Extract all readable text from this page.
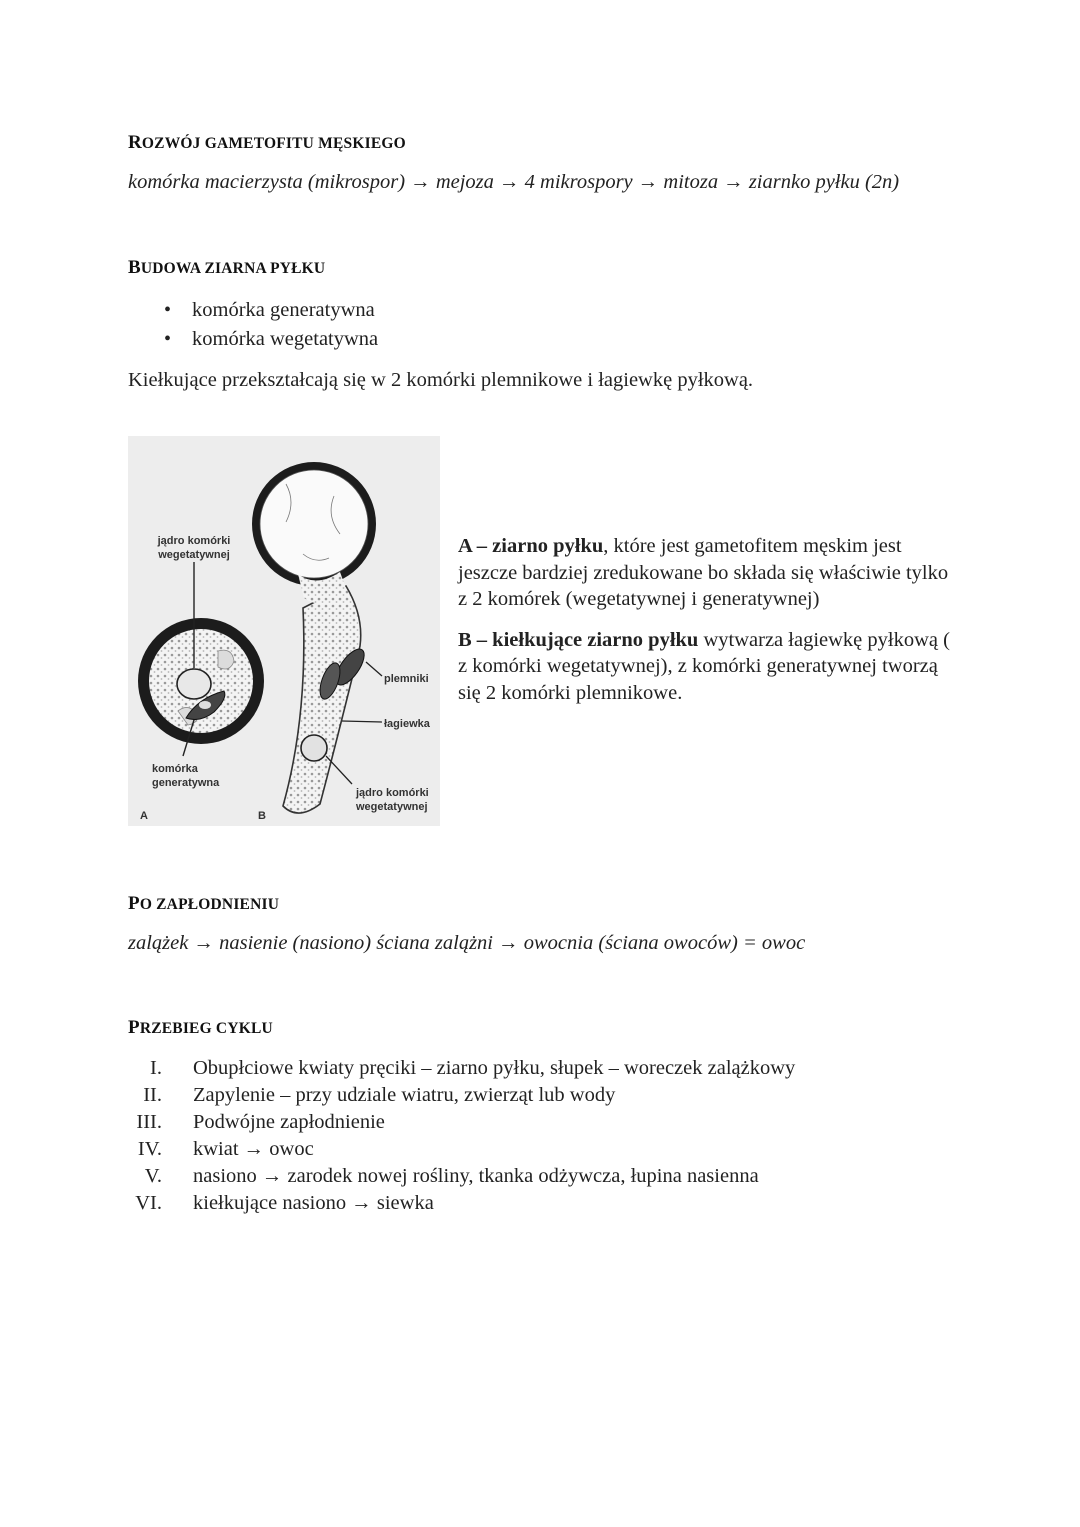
ROZWÓJ GAMETOFITU MĘSKIEGO
komórka macierzysta (mikrospor) → mejoza → 4 mikrospory → mitoza → ziarnko pyłku (2n)
BUDOWA ZIARNA PYŁKU
• komórka generatywna
• komórka wegetatywna
Kiełkujące przekształcają się w 2 komórki plemnikowe i łagiewkę pyłkową.
jądro komórki
wegetatywnej
komórka
generatywna
plemniki
łagiewka
jądro komórki
wegetatywnej
A	B

A – ziarno pyłku, które jest gametofitem męskim jest jeszcze bardziej zredukowane bo składa się właściwie tylko z 2 komórek (wegetatywnej i generatywnej)

B – kiełkujące ziarno pyłku wytwarza łagiewkę pyłkową ( z komórki wegetatywnej), z komórki generatywnej tworzą się 2 komórki plemnikowe.

PO ZAPŁODNIENIU
zalążek → nasienie (nasiono) ściana zalążni → owocnia (ściana owoców) = owoc
PRZEBIEG CYKLU
I.	Obupłciowe kwiaty pręciki – ziarno pyłku, słupek – woreczek zalążkowy
II.	Zapylenie – przy udziale wiatru, zwierząt lub wody
III.	Podwójne zapłodnienie
IV.	kwiat → owoc
V.	nasiono → zarodek nowej rośliny, tkanka odżywcza, łupina nasienna
VI.	kiełkujące nasiono → siewka
